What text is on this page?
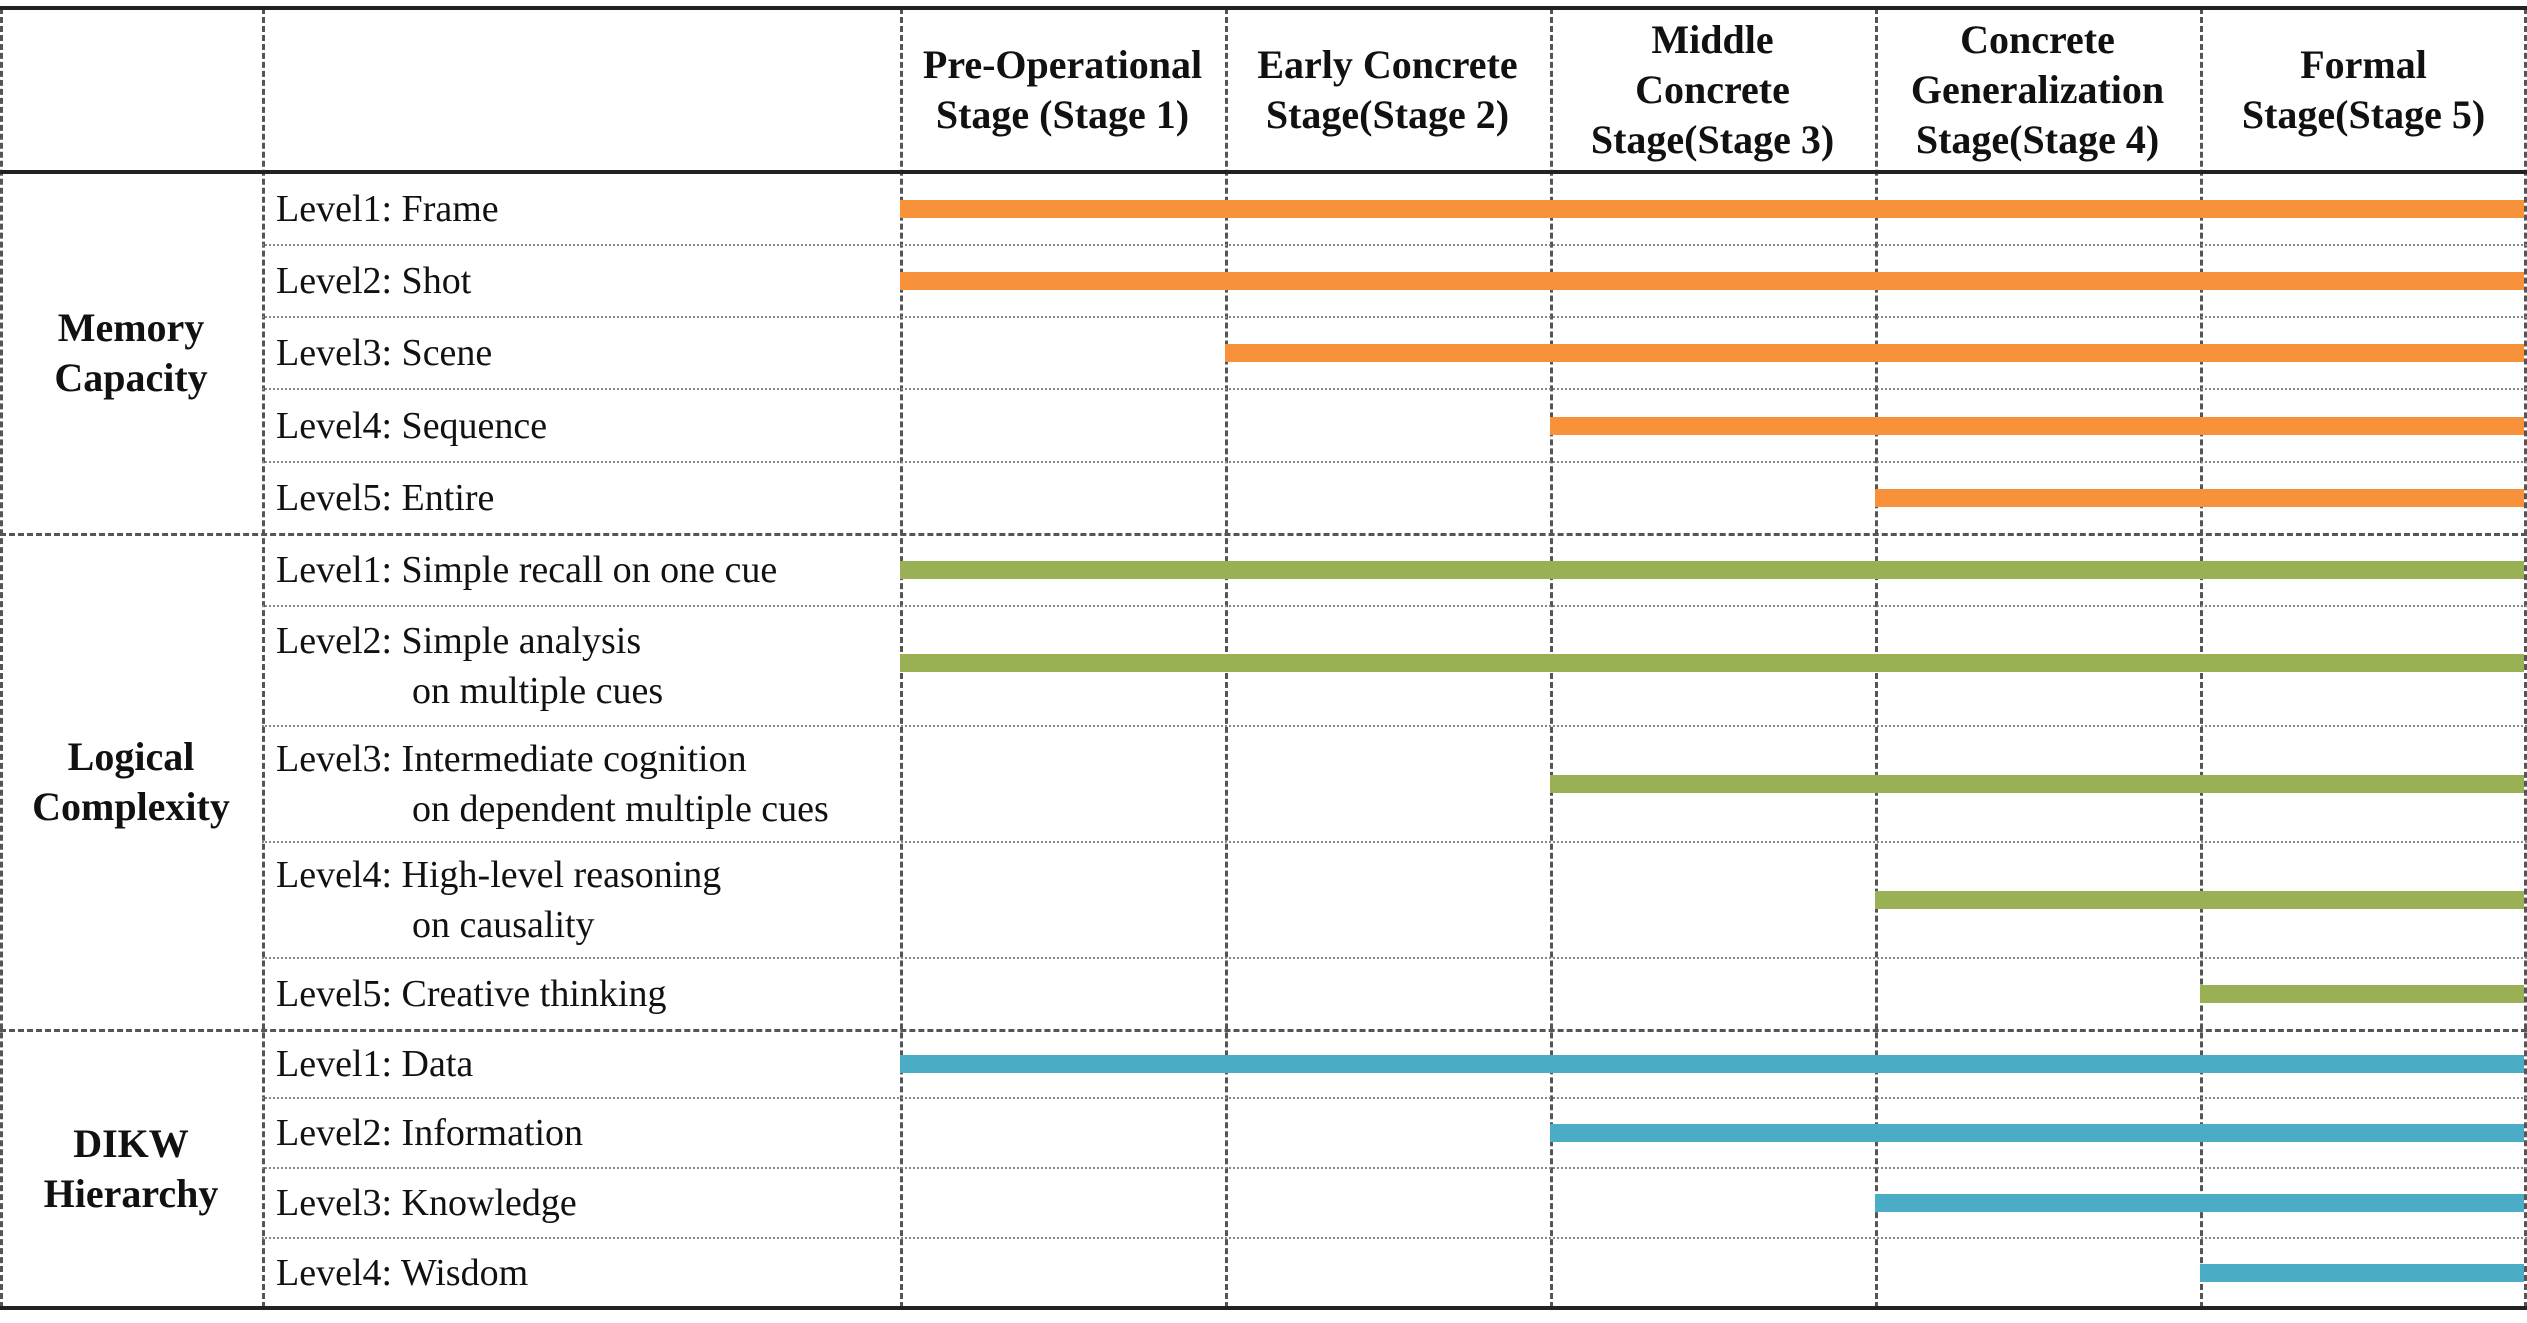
Pre-Operational
Stage (Stage 1)
Early Concrete
Stage(Stage 2)
Middle
Concrete
Stage(Stage 3)
Concrete
Generalization
Stage(Stage 4)
Formal
Stage(Stage 5)
Memory
Capacity
Level1: Frame
Level2: Shot
Level3: Scene
Level4: Sequence
Level5: Entire
Logical
Complexity
Level1: Simple recall on one cue
Level2: Simple analysis
on multiple cues
Level3: Intermediate cognition
on dependent multiple cues
Level4: High-level reasoning
on causality
Level5: Creative thinking
DIKW
Hierarchy
Level1: Data
Level2: Information
Level3: Knowledge
Level4: Wisdom
